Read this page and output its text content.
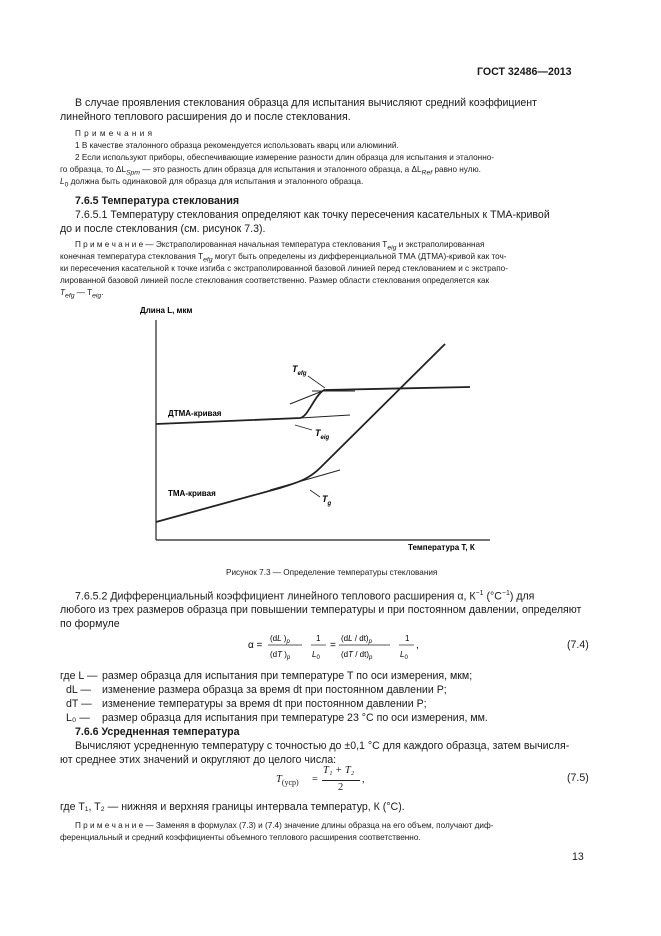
ГОСТ 32486—2013
В случае проявления стеклования образца для испытания вычисляют средний коэффициент
линейного теплового расширения до и после стеклования.
П р и м е ч а н и я
1 В качестве эталонного образца рекомендуется использовать кварц или алюминий.
2 Если используют приборы, обеспечивающие измерение разности длин образца для испытания и эталонно-
го образца, то $\Delta L_{Spm}$ — это разность длин образца для испытания и эталонного образца, а $\Delta L_{Ref}$ равно нулю.
$L_0$ должна быть одинаковой для образца для испытания и эталонного образца.
7.6.5 Температура стеклования
7.6.5.1 Температуру стеклования определяют как точку пересечения касательных к ТМА-кривой
до и после стеклования (см. рисунок 7.3).
П р и м е ч а н и е — Экстраполированная начальная температура стеклования $T_{eig}$ и экстраполированная
конечная температура стеклования $T_{efg}$ могут быть определены из дифференциальной ТМА (ДТМА)-кривой как точ-
ки пересечения касательной к точке изгиба с экстраполированной базовой линией перед стеклованием и с экстрапо-
лированной базовой линией после стеклования соответственно. Размер области стеклования определяется как
$T_{efg}$ — $T_{eig}$.
Длина L, мкм
Температура T, К
ДТМА-кривая
ТМА-кривая
$T_{efg}$
$T_{eig}$
$T_g$
Рисунок 7.3 — Определение температуры стеклования
7.6.5.2 Дифференциальный коэффициент линейного теплового расширения α, $К^{-1}$ $(^\circ С^{-1})$ для
любого из трех размеров образца при повышении температуры и при постоянном давлении, определяют
по формуле
α =
(dL )$_p$
(dT )$_p$
1
$L_0$
=
$(dL / dt)_p$
$(dT / dt)_p$
1
$L_0$
,	(7.4)
где L — размер образца для испытания при температуре T по оси измерения, мкм;
dL — изменение размера образца за время dt при постоянном давлении P;
dT — изменение температуры за время dt при постоянном давлении P;
L₀ — размер образца для испытания при температуре 23 °С по оси измерения, мм.
7.6.6 Усредненная температура
Вычисляют усредненную температуру с точностью до ±0,1 °С для каждого образца, затем вычисля-
ют среднее этих значений и округляют до целого числа:
$T_{(уср)}$ =
T₁ + T₂
2
,	(7.5)
где T₁, T₂ — нижняя и верхняя границы интервала температур, К (°С).
П р и м е ч а н и е — Заменяя в формулах (7.3) и (7.4) значение длины образца на его объем, получают диф-
ференциальный и средний коэффициенты объемного теплового расширения соответственно.
13
